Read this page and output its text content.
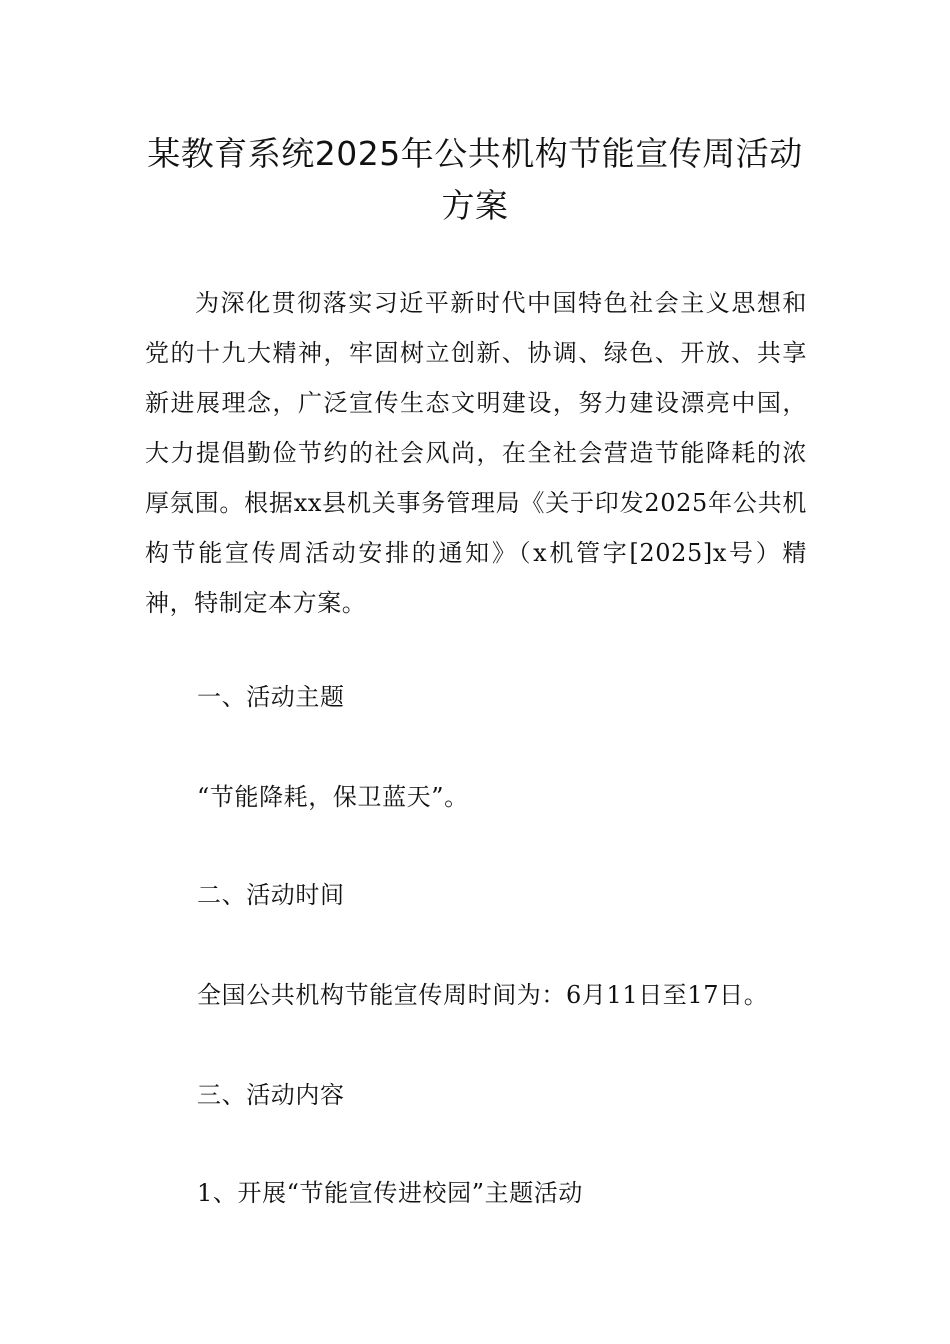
某教育系统2025年公共机构节能宣传周活动方案

为深化贯彻落实习近平新时代中国特色社会主义思想和党的十九大精神，牢固树立创新、协调、绿色、开放、共享新进展理念，广泛宣传生态文明建设，努力建设漂亮中国，大力提倡勤俭节约的社会风尚，在全社会营造节能降耗的浓厚氛围。根据xx县机关事务管理局《关于印发2025年公共机构节能宣传周活动安排的通知》（x机管字[2025]x号）精神，特制定本方案。

一、活动主题

“节能降耗，保卫蓝天”。

二、活动时间

全国公共机构节能宣传周时间为：6月11日至17日。

三、活动内容

1、开展“节能宣传进校园”主题活动
